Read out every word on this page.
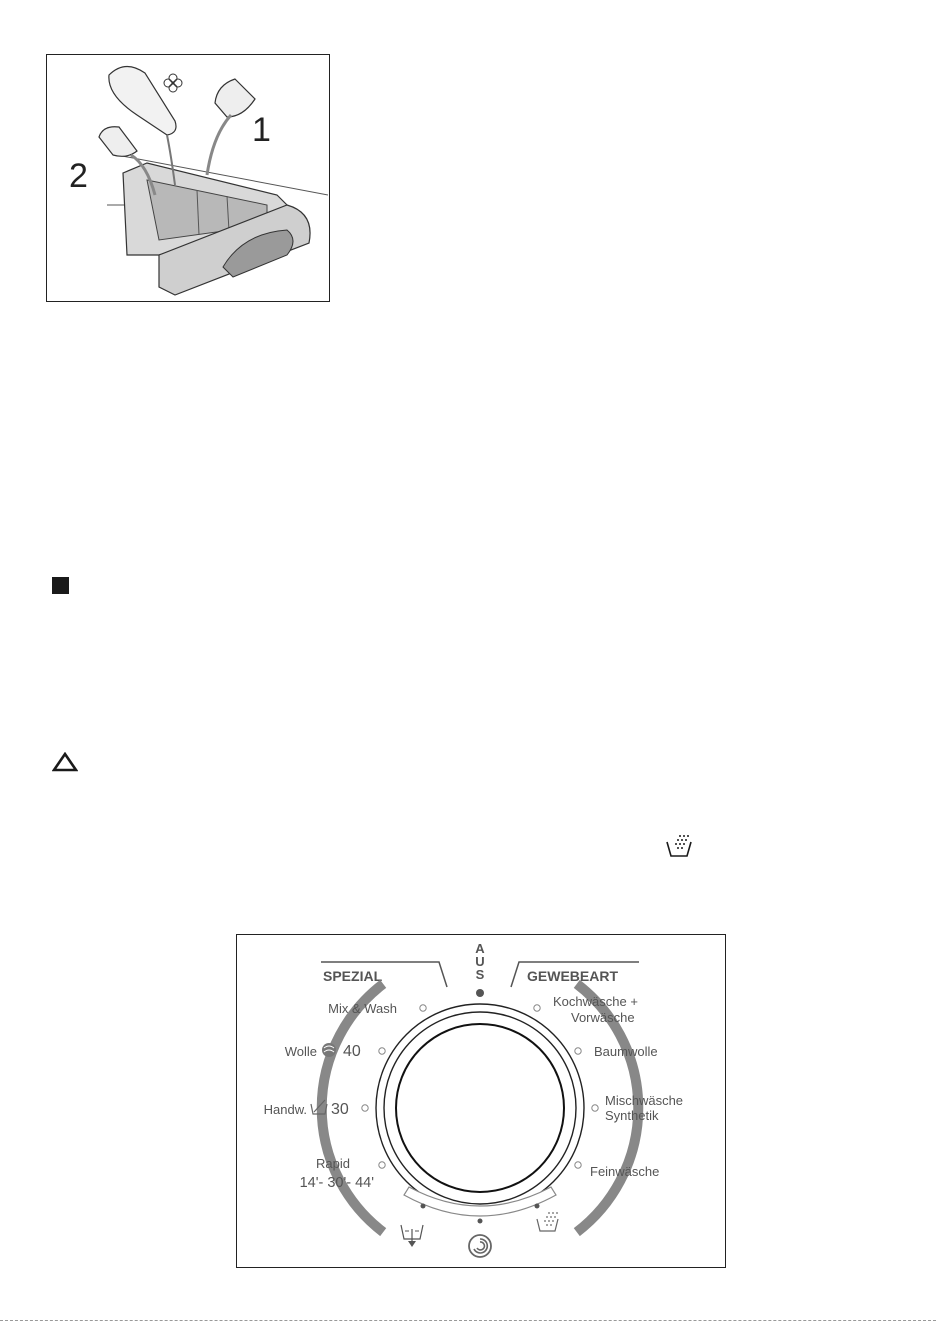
1
2
SPEZIAL	GEWEBEART
A
U
S
Mix & Wash
Wolle 40
Handw. 30
Rapid
14'- 30'- 44'
Kochwäsche +
Vorwäsche
Baumwolle
Mischwäsche
Synthetik
Feinwäsche
